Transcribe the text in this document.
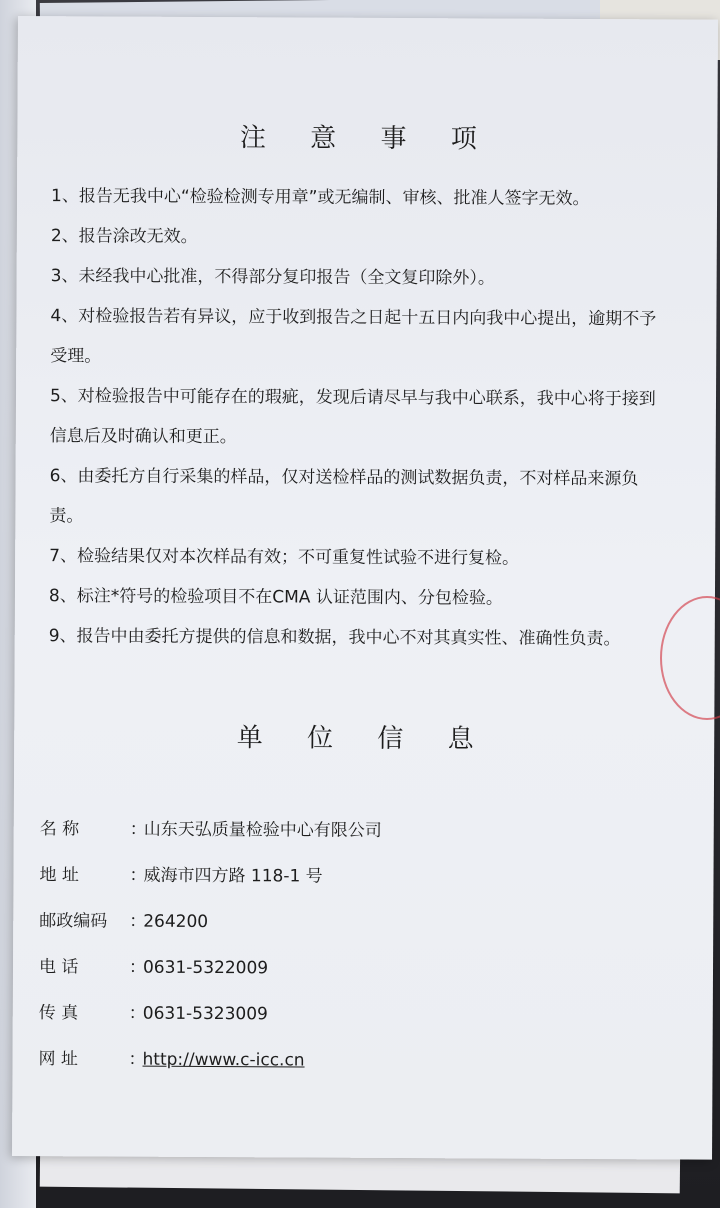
注 意 事 项

1、报告无我中心“检验检测专用章”或无编制、审核、批准人签字无效。

2、报告涂改无效。

3、未经我中心批准，不得部分复印报告（全文复印除外）。

4、对检验报告若有异议，应于收到报告之日起十五日内向我中心提出，逾期不予受理。

5、对检验报告中可能存在的瑕疵，发现后请尽早与我中心联系，我中心将于接到信息后及时确认和更正。

6、由委托方自行采集的样品，仅对送检样品的测试数据负责，不对样品来源负责。

7、检验结果仅对本次样品有效；不可重复性试验不进行复检。

8、标注*符号的检验项目不在CMA 认证范围内、分包检验。

9、报告中由委托方提供的信息和数据，我中心不对其真实性、准确性负责。

单 位 信 息
名 称	：山东天弘质量检验中心有限公司
地 址	：威海市四方路 118-1 号
邮政编码 ：264200
电 话	：0631-5322009
传 真	：0631-5323009
网 址	：http://www.c-icc.cn
